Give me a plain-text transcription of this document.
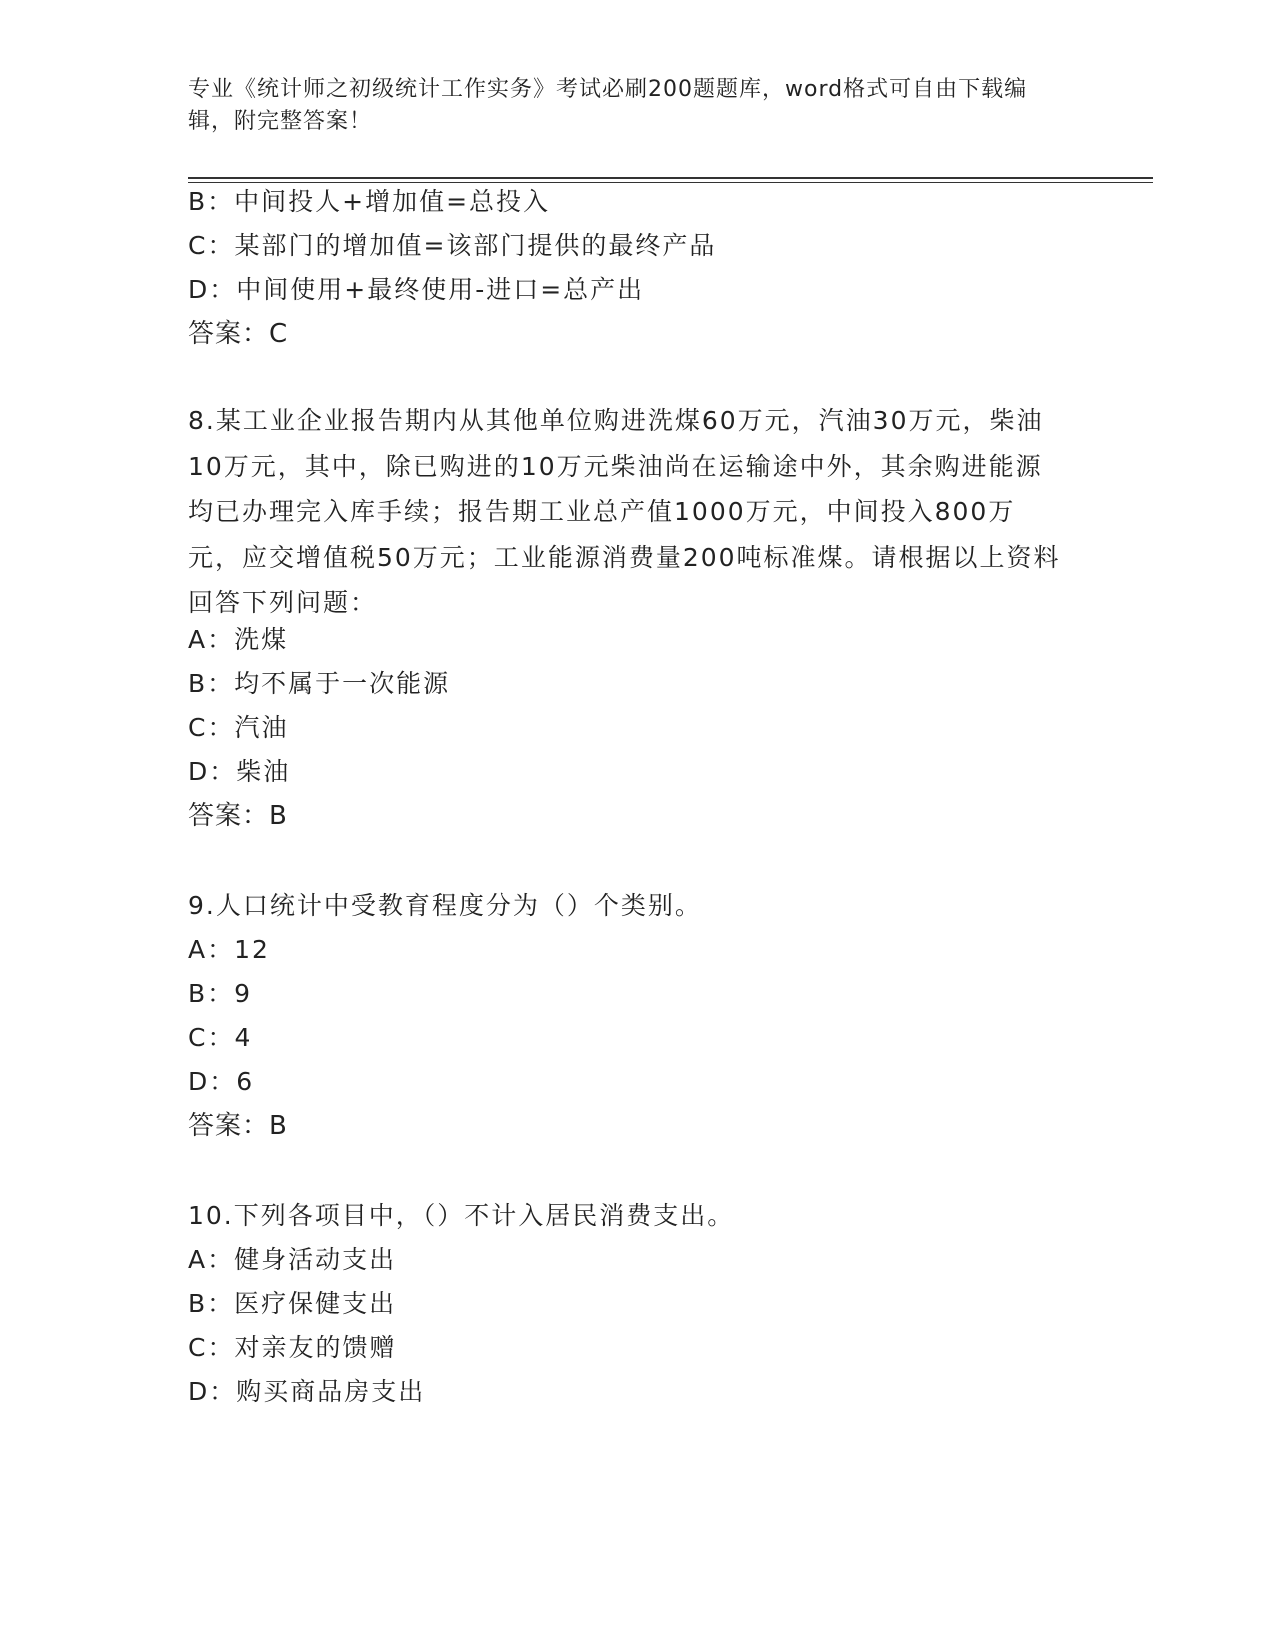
专业《统计师之初级统计工作实务》考试必刷200题题库，word格式可自由下载编辑，附完整答案！
B：中间投人+增加值=总投入
C：某部门的增加值=该部门提供的最终产品
D：中间使用+最终使用-进口=总产出
答案：C
8.某工业企业报告期内从其他单位购进洗煤60万元，汽油30万元，柴油10万元，其中，除已购进的10万元柴油尚在运输途中外，其余购进能源均已办理完入库手续；报告期工业总产值1000万元，中间投入800万元，应交增值税50万元；工业能源消费量200吨标准煤。请根据以上资料回答下列问题：
A：洗煤
B：均不属于一次能源
C：汽油
D：柴油
答案：B
9.人口统计中受教育程度分为（）个类别。
A：12
B：9
C：4
D：6
答案：B
10.下列各项目中，（）不计入居民消费支出。
A：健身活动支出
B：医疗保健支出
C：对亲友的馈赠
D：购买商品房支出
